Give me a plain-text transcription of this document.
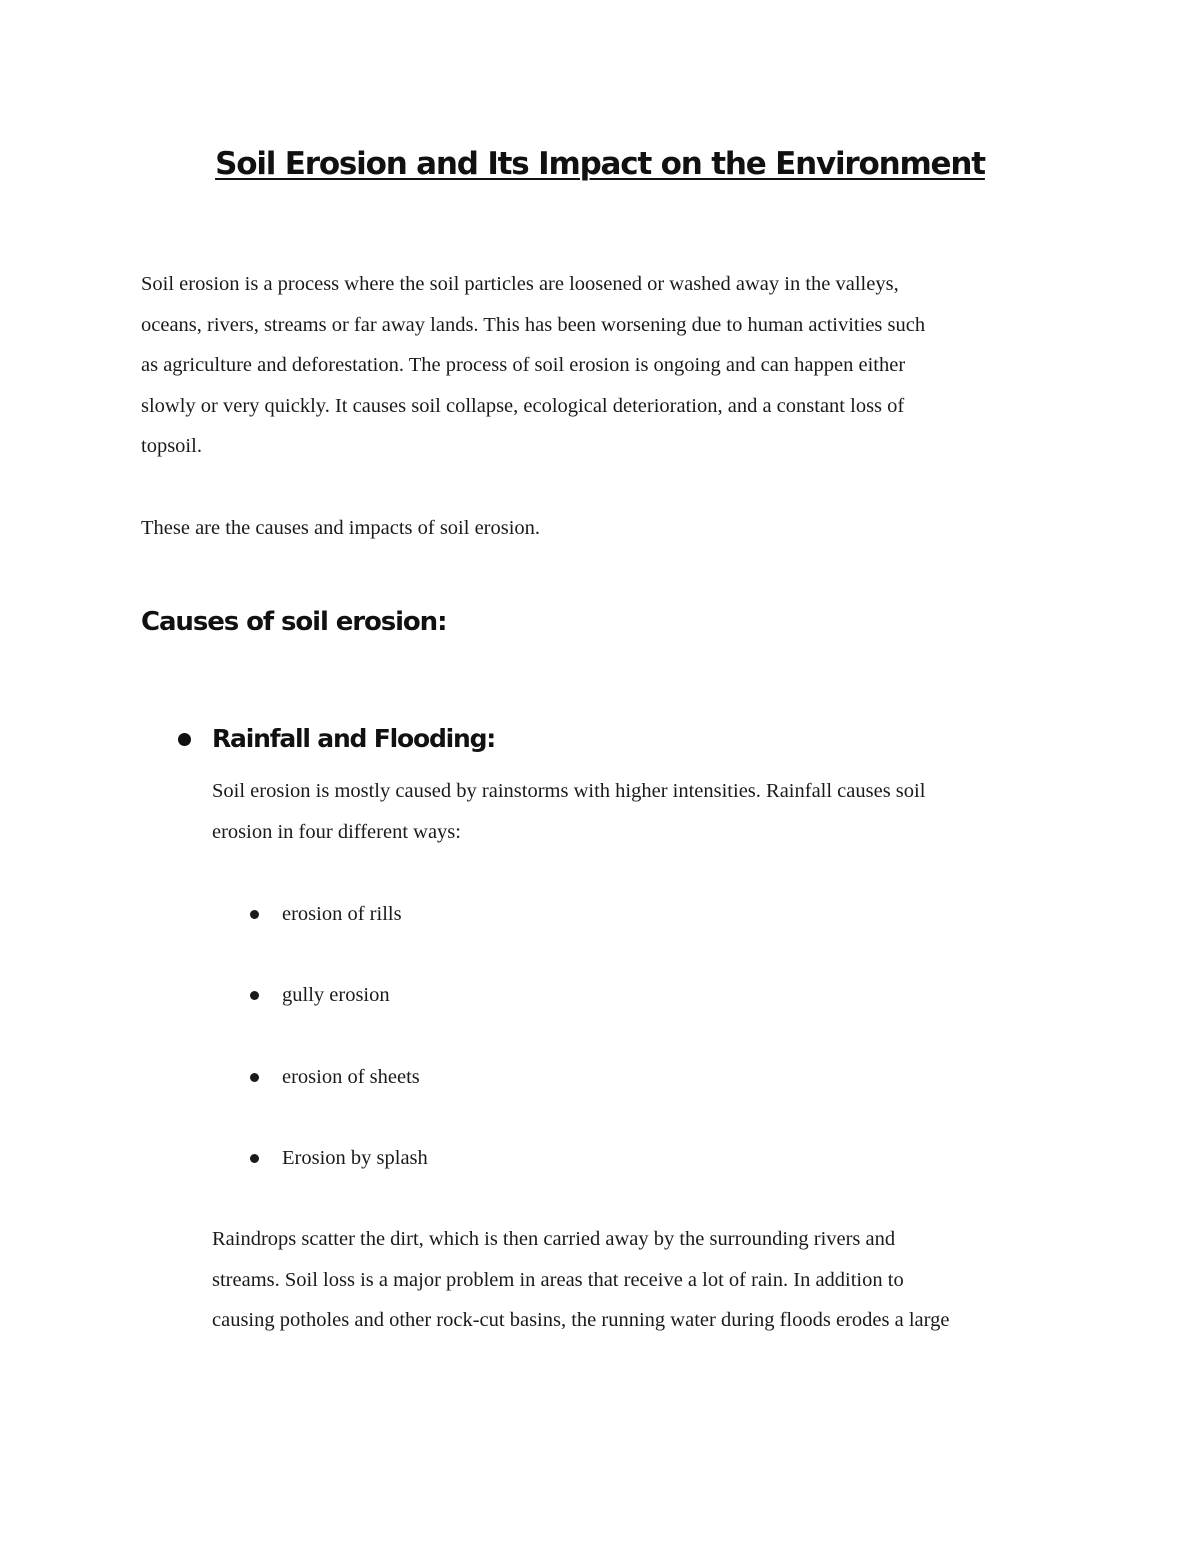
Soil Erosion and Its Impact on the Environment

Soil erosion is a process where the soil particles are loosened or washed away in the valleys,
oceans, rivers, streams or far away lands. This has been worsening due to human activities such
as agriculture and deforestation. The process of soil erosion is ongoing and can happen either
slowly or very quickly. It causes soil collapse, ecological deterioration, and a constant loss of
topsoil.

These are the causes and impacts of soil erosion.

Causes of soil erosion:
Rainfall and Flooding:

Soil erosion is mostly caused by rainstorms with higher intensities. Rainfall causes soil
erosion in four different ways:

erosion of rills
gully erosion
erosion of sheets
Erosion by splash

Raindrops scatter the dirt, which is then carried away by the surrounding rivers and
streams. Soil loss is a major problem in areas that receive a lot of rain. In addition to
causing potholes and other rock-cut basins, the running water during floods erodes a large
